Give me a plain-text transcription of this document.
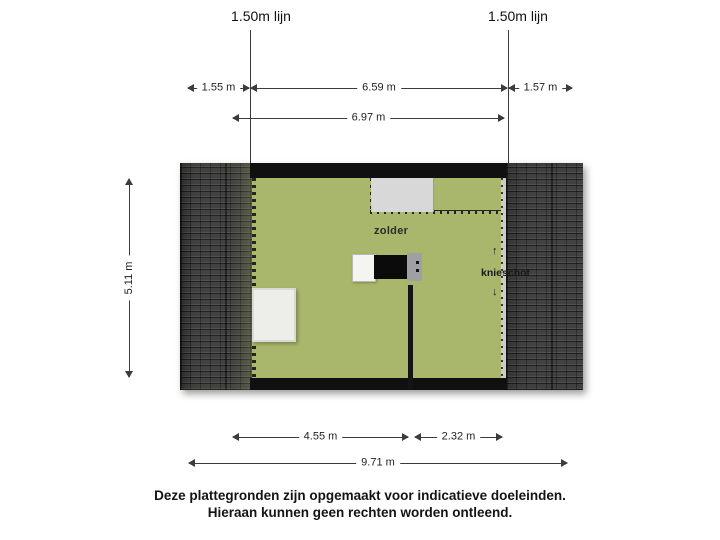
1.50m lijn	1.50m lijn
1.55 m	6.59 m	1.57 m
6.97 m
5.11 m
zolder
↑
knieschot
↓
4.55 m	2.32 m
9.71 m
Deze plattegronden zijn opgemaakt voor indicatieve doeleinden.
Hieraan kunnen geen rechten worden ontleend.
